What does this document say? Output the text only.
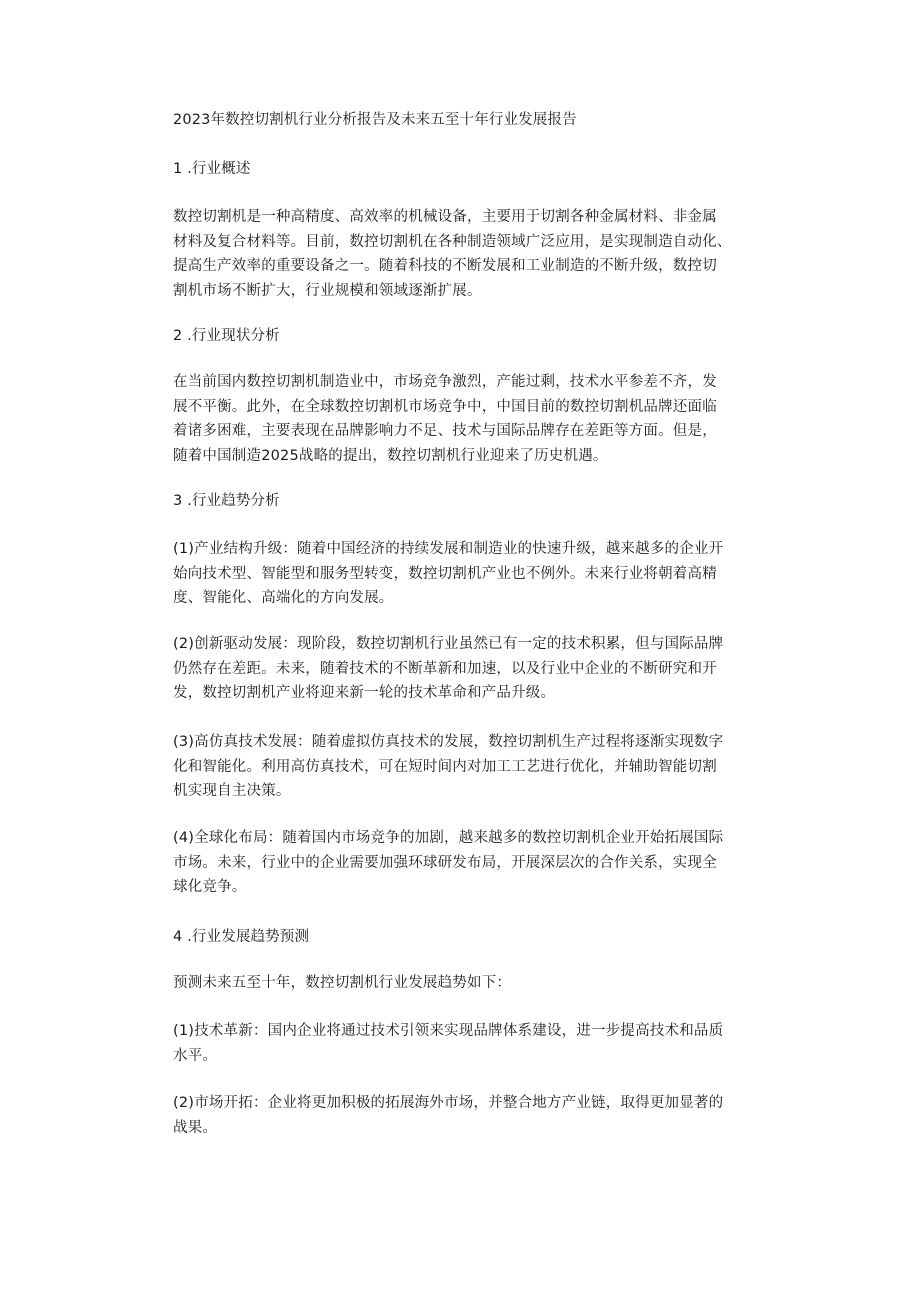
2023年数控切割机行业分析报告及未来五至十年行业发展报告

1 .行业概述

数控切割机是一种高精度、高效率的机械设备，主要用于切割各种金属材料、非金属
材料及复合材料等。目前，数控切割机在各种制造领域广泛应用，是实现制造自动化、
提高生产效率的重要设备之一。随着科技的不断发展和工业制造的不断升级，数控切
割机市场不断扩大，行业规模和领域逐渐扩展。

2 .行业现状分析

在当前国内数控切割机制造业中，市场竞争激烈，产能过剩，技术水平参差不齐，发
展不平衡。此外，在全球数控切割机市场竞争中，中国目前的数控切割机品牌还面临
着诸多困难，主要表现在品牌影响力不足、技术与国际品牌存在差距等方面。但是，
随着中国制造2025战略的提出，数控切割机行业迎来了历史机遇。

3 .行业趋势分析

(1)产业结构升级：随着中国经济的持续发展和制造业的快速升级，越来越多的企业开
始向技术型、智能型和服务型转变，数控切割机产业也不例外。未来行业将朝着高精
度、智能化、高端化的方向发展。
(2)创新驱动发展：现阶段，数控切割机行业虽然已有一定的技术积累，但与国际品牌
仍然存在差距。未来，随着技术的不断革新和加速，以及行业中企业的不断研究和开
发，数控切割机产业将迎来新一轮的技术革命和产品升级。
(3)高仿真技术发展：随着虚拟仿真技术的发展，数控切割机生产过程将逐渐实现数字
化和智能化。利用高仿真技术，可在短时间内对加工工艺进行优化，并辅助智能切割
机实现自主决策。
(4)全球化布局：随着国内市场竞争的加剧，越来越多的数控切割机企业开始拓展国际
市场。未来，行业中的企业需要加强环球研发布局，开展深层次的合作关系，实现全
球化竞争。

4 .行业发展趋势预测

预测未来五至十年，数控切割机行业发展趋势如下：
(1)技术革新：国内企业将通过技术引领来实现品牌体系建设，进一步提高技术和品质
水平。
(2)市场开拓：企业将更加积极的拓展海外市场，并整合地方产业链，取得更加显著的
战果。
